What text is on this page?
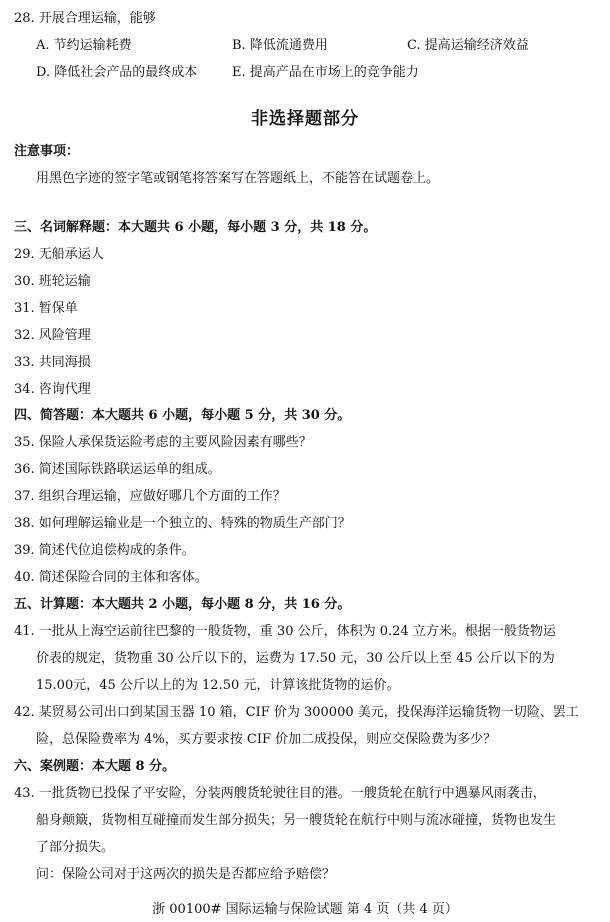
28. 开展合理运输，能够
A. 节约运输耗费	B. 降低流通费用	C. 提高运输经济效益
D. 降低社会产品的最终成本	E. 提高产品在市场上的竞争能力
非选择题部分
注意事项：
用黑色字迹的签字笔或钢笔将答案写在答题纸上，不能答在试题卷上。
三、名词解释题：本大题共 6 小题，每小题 3 分，共 18 分。
29. 无船承运人
30. 班轮运输
31. 暂保单
32. 风险管理
33. 共同海损
34. 咨询代理
四、简答题：本大题共 6 小题，每小题 5 分，共 30 分。
35. 保险人承保货运险考虑的主要风险因素有哪些？
36. 简述国际铁路联运运单的组成。
37. 组织合理运输，应做好哪几个方面的工作？
38. 如何理解运输业是一个独立的、特殊的物质生产部门？
39. 简述代位追偿构成的条件。
40. 简述保险合同的主体和客体。
五、计算题：本大题共 2 小题，每小题 8 分，共 16 分。
41. 一批从上海空运前往巴黎的一般货物，重 30 公斤，体积为 0.24 立方米。根据一般货物运
价表的规定，货物重 30 公斤以下的，运费为 17.50 元，30 公斤以上至 45 公斤以下的为
15.00元，45 公斤以上的为 12.50 元，计算该批货物的运价。
42. 某贸易公司出口到某国玉器 10 箱，CIF 价为 300000 美元，投保海洋运输货物一切险、罢工
险，总保险费率为 4%，买方要求按 CIF 价加二成投保，则应交保险费为多少？
六、案例题：本大题 8 分。
43. 一批货物已投保了平安险，分装两艘货轮驶往目的港。一艘货轮在航行中遇暴风雨袭击，
船身颠簸，货物相互碰撞而发生部分损失；另一艘货轮在航行中则与流冰碰撞，货物也发生
了部分损失。
问：保险公司对于这两次的损失是否都应给予赔偿？
浙 00100# 国际运输与保险试题 第 4 页（共 4 页）
